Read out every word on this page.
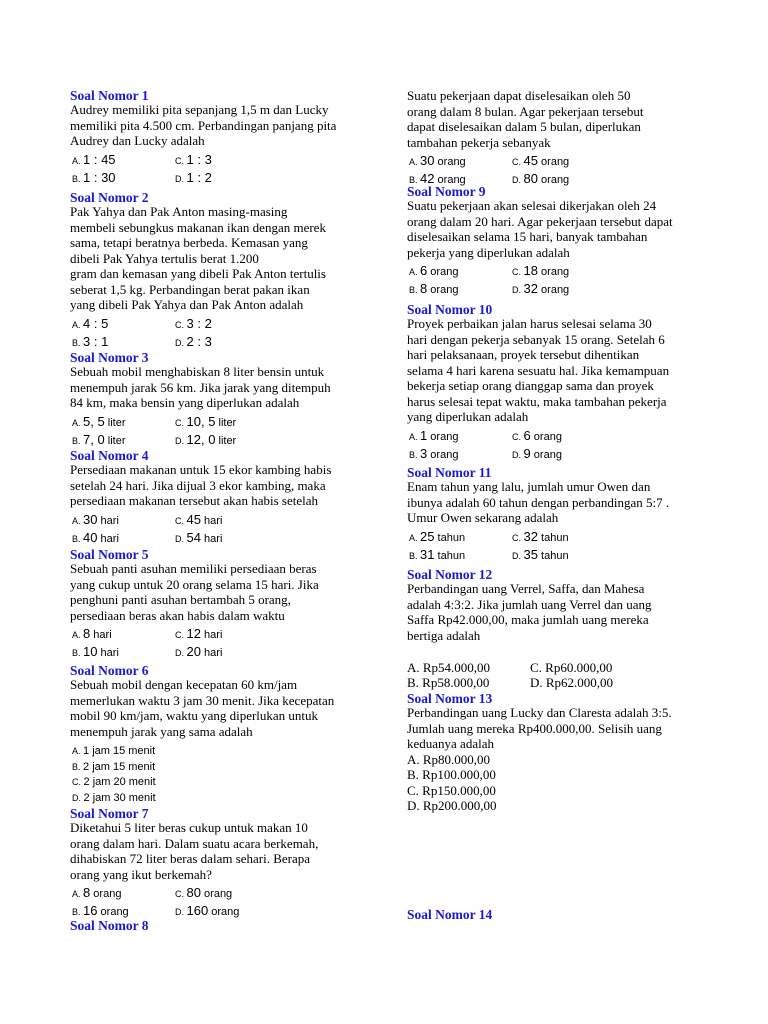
Soal Nomor 1
Audrey memiliki pita sepanjang 1,5 m dan Lucky
memiliki pita 4.500 cm. Perbandingan panjang pita
Audrey dan Lucky adalah
A. 1 : 45	C. 1 : 3
B. 1 : 30	D. 1 : 2
Soal Nomor 2
Pak Yahya dan Pak Anton masing-masing
membeli sebungkus makanan ikan dengan merek
sama, tetapi beratnya berbeda. Kemasan yang
dibeli Pak Yahya tertulis berat 1.200
gram dan kemasan yang dibeli Pak Anton tertulis
seberat 1,5 kg. Perbandingan berat pakan ikan
yang dibeli Pak Yahya dan Pak Anton adalah
A. 4 : 5	C. 3 : 2
B. 3 : 1	D. 2 : 3
Soal Nomor 3
Sebuah mobil menghabiskan 8 liter bensin untuk
menempuh jarak 56 km. Jika jarak yang ditempuh
84 km, maka bensin yang diperlukan adalah
A. 5, 5 liter	C. 10, 5 liter
B. 7, 0 liter	D. 12, 0 liter
Soal Nomor 4
Persediaan makanan untuk 15 ekor kambing habis
setelah 24 hari. Jika dijual 3 ekor kambing, maka
persediaan makanan tersebut akan habis setelah
A. 30 hari	C. 45 hari
B. 40 hari	D. 54 hari
Soal Nomor 5
Sebuah panti asuhan memiliki persediaan beras
yang cukup untuk 20 orang selama 15 hari. Jika
penghuni panti asuhan bertambah 5 orang,
persediaan beras akan habis dalam waktu
A. 8 hari	C. 12 hari
B. 10 hari	D. 20 hari
Soal Nomor 6
Sebuah mobil dengan kecepatan 60 km/jam
memerlukan waktu 3 jam 30 menit. Jika kecepatan
mobil 90 km/jam, waktu yang diperlukan untuk
menempuh jarak yang sama adalah
A. 1 jam 15 menit
B. 2 jam 15 menit
C. 2 jam 20 menit
D. 2 jam 30 menit
Soal Nomor 7
Diketahui 5 liter beras cukup untuk makan 10
orang dalam hari. Dalam suatu acara berkemah,
dihabiskan 72 liter beras dalam sehari. Berapa
orang yang ikut berkemah?
A. 8 orang	C. 80 orang
B. 16 orang	D. 160 orang
Soal Nomor 8
Suatu pekerjaan dapat diselesaikan oleh 50
orang dalam 8 bulan. Agar pekerjaan tersebut
dapat diselesaikan dalam 5 bulan, diperlukan
tambahan pekerja sebanyak
A. 30 orang	C. 45 orang
B. 42 orang	D. 80 orang
Soal Nomor 9
Suatu pekerjaan akan selesai dikerjakan oleh 24
orang dalam 20 hari. Agar pekerjaan tersebut dapat
diselesaikan selama 15 hari, banyak tambahan
pekerja yang diperlukan adalah
A. 6 orang	C. 18 orang
B. 8 orang	D. 32 orang
Soal Nomor 10
Proyek perbaikan jalan harus selesai selama 30
hari dengan pekerja sebanyak 15 orang. Setelah 6
hari pelaksanaan, proyek tersebut dihentikan
selama 4 hari karena sesuatu hal. Jika kemampuan
bekerja setiap orang dianggap sama dan proyek
harus selesai tepat waktu, maka tambahan pekerja
yang diperlukan adalah
A. 1 orang	C. 6 orang
B. 3 orang	D. 9 orang
Soal Nomor 11
Enam tahun yang lalu, jumlah umur Owen dan
ibunya adalah 60 tahun dengan perbandingan 5:7 .
Umur Owen sekarang adalah
A. 25 tahun	C. 32 tahun
B. 31 tahun	D. 35 tahun
Soal Nomor 12
Perbandingan uang Verrel, Saffa, dan Mahesa
adalah 4:3:2. Jika jumlah uang Verrel dan uang
Saffa Rp42.000,00, maka jumlah uang mereka
bertiga adalah
A. Rp54.000,00	C. Rp60.000,00
B. Rp58.000,00	D. Rp62.000,00
Soal Nomor 13
Perbandingan uang Lucky dan Claresta adalah 3:5.
Jumlah uang mereka Rp400.000,00. Selisih uang
keduanya adalah
A. Rp80.000,00
B. Rp100.000,00
C. Rp150.000,00
D. Rp200.000,00
Soal Nomor 14
